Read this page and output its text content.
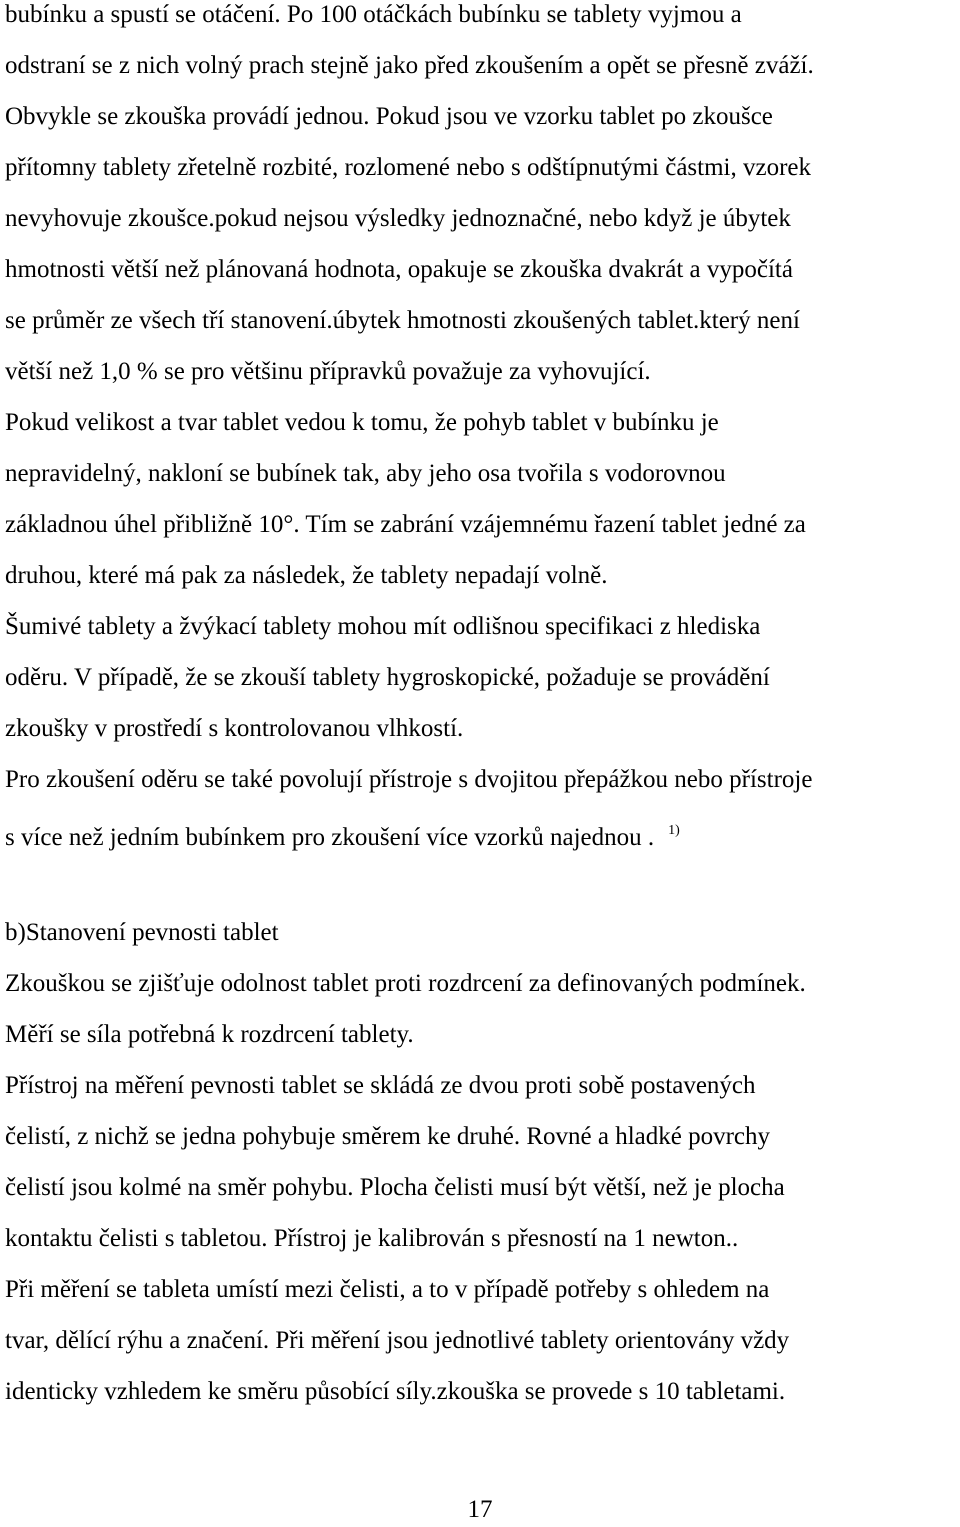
bubínku a spustí se otáčení. Po 100 otáčkách bubínku se tablety vyjmou a
odstraní se z nich volný prach stejně jako před zkoušením a opět se přesně zváží.
Obvykle se zkouška provádí jednou. Pokud jsou ve vzorku tablet po zkoušce
přítomny tablety zřetelně rozbité, rozlomené nebo s odštípnutými částmi, vzorek
nevyhovuje zkoušce.pokud nejsou výsledky jednoznačné, nebo když je úbytek
hmotnosti větší než plánovaná hodnota, opakuje se zkouška dvakrát a vypočítá
se průměr ze všech tří stanovení.úbytek hmotnosti zkoušených tablet.který není
větší než 1,0 % se pro většinu přípravků považuje za vyhovující.
Pokud velikost a tvar tablet vedou k tomu, že pohyb tablet v bubínku je
nepravidelný, nakloní se bubínek tak, aby jeho osa tvořila s vodorovnou
základnou úhel přibližně 10°. Tím se zabrání vzájemnému řazení tablet jedné za
druhou, které má pak za následek, že tablety nepadají volně.
Šumivé tablety a žvýkací tablety mohou mít odlišnou specifikaci z hlediska
oděru. V případě, že se zkouší tablety hygroskopické, požaduje se provádění
zkoušky v prostředí s kontrolovanou vlhkostí.
Pro zkoušení oděru se také povolují přístroje s dvojitou přepážkou nebo přístroje
s více než jedním bubínkem pro zkoušení více vzorků najednou . $^{1)}$
b)Stanovení pevnosti tablet
Zkouškou se zjišťuje odolnost tablet proti rozdrcení za definovaných podmínek.
Měří se síla potřebná k rozdrcení tablety.
Přístroj na měření pevnosti tablet se skládá ze dvou proti sobě postavených
čelistí, z nichž se jedna pohybuje směrem ke druhé. Rovné a hladké povrchy
čelistí jsou kolmé na směr pohybu. Plocha čelisti musí být větší, než je plocha
kontaktu čelisti s tabletou. Přístroj je kalibrován s přesností na 1 newton..
Při měření se tableta umístí mezi čelisti, a to v případě potřeby s ohledem na
tvar, dělící rýhu a značení. Při měření jsou jednotlivé tablety orientovány vždy
identicky vzhledem ke směru působící síly.zkouška se provede s 10 tabletami.
17
